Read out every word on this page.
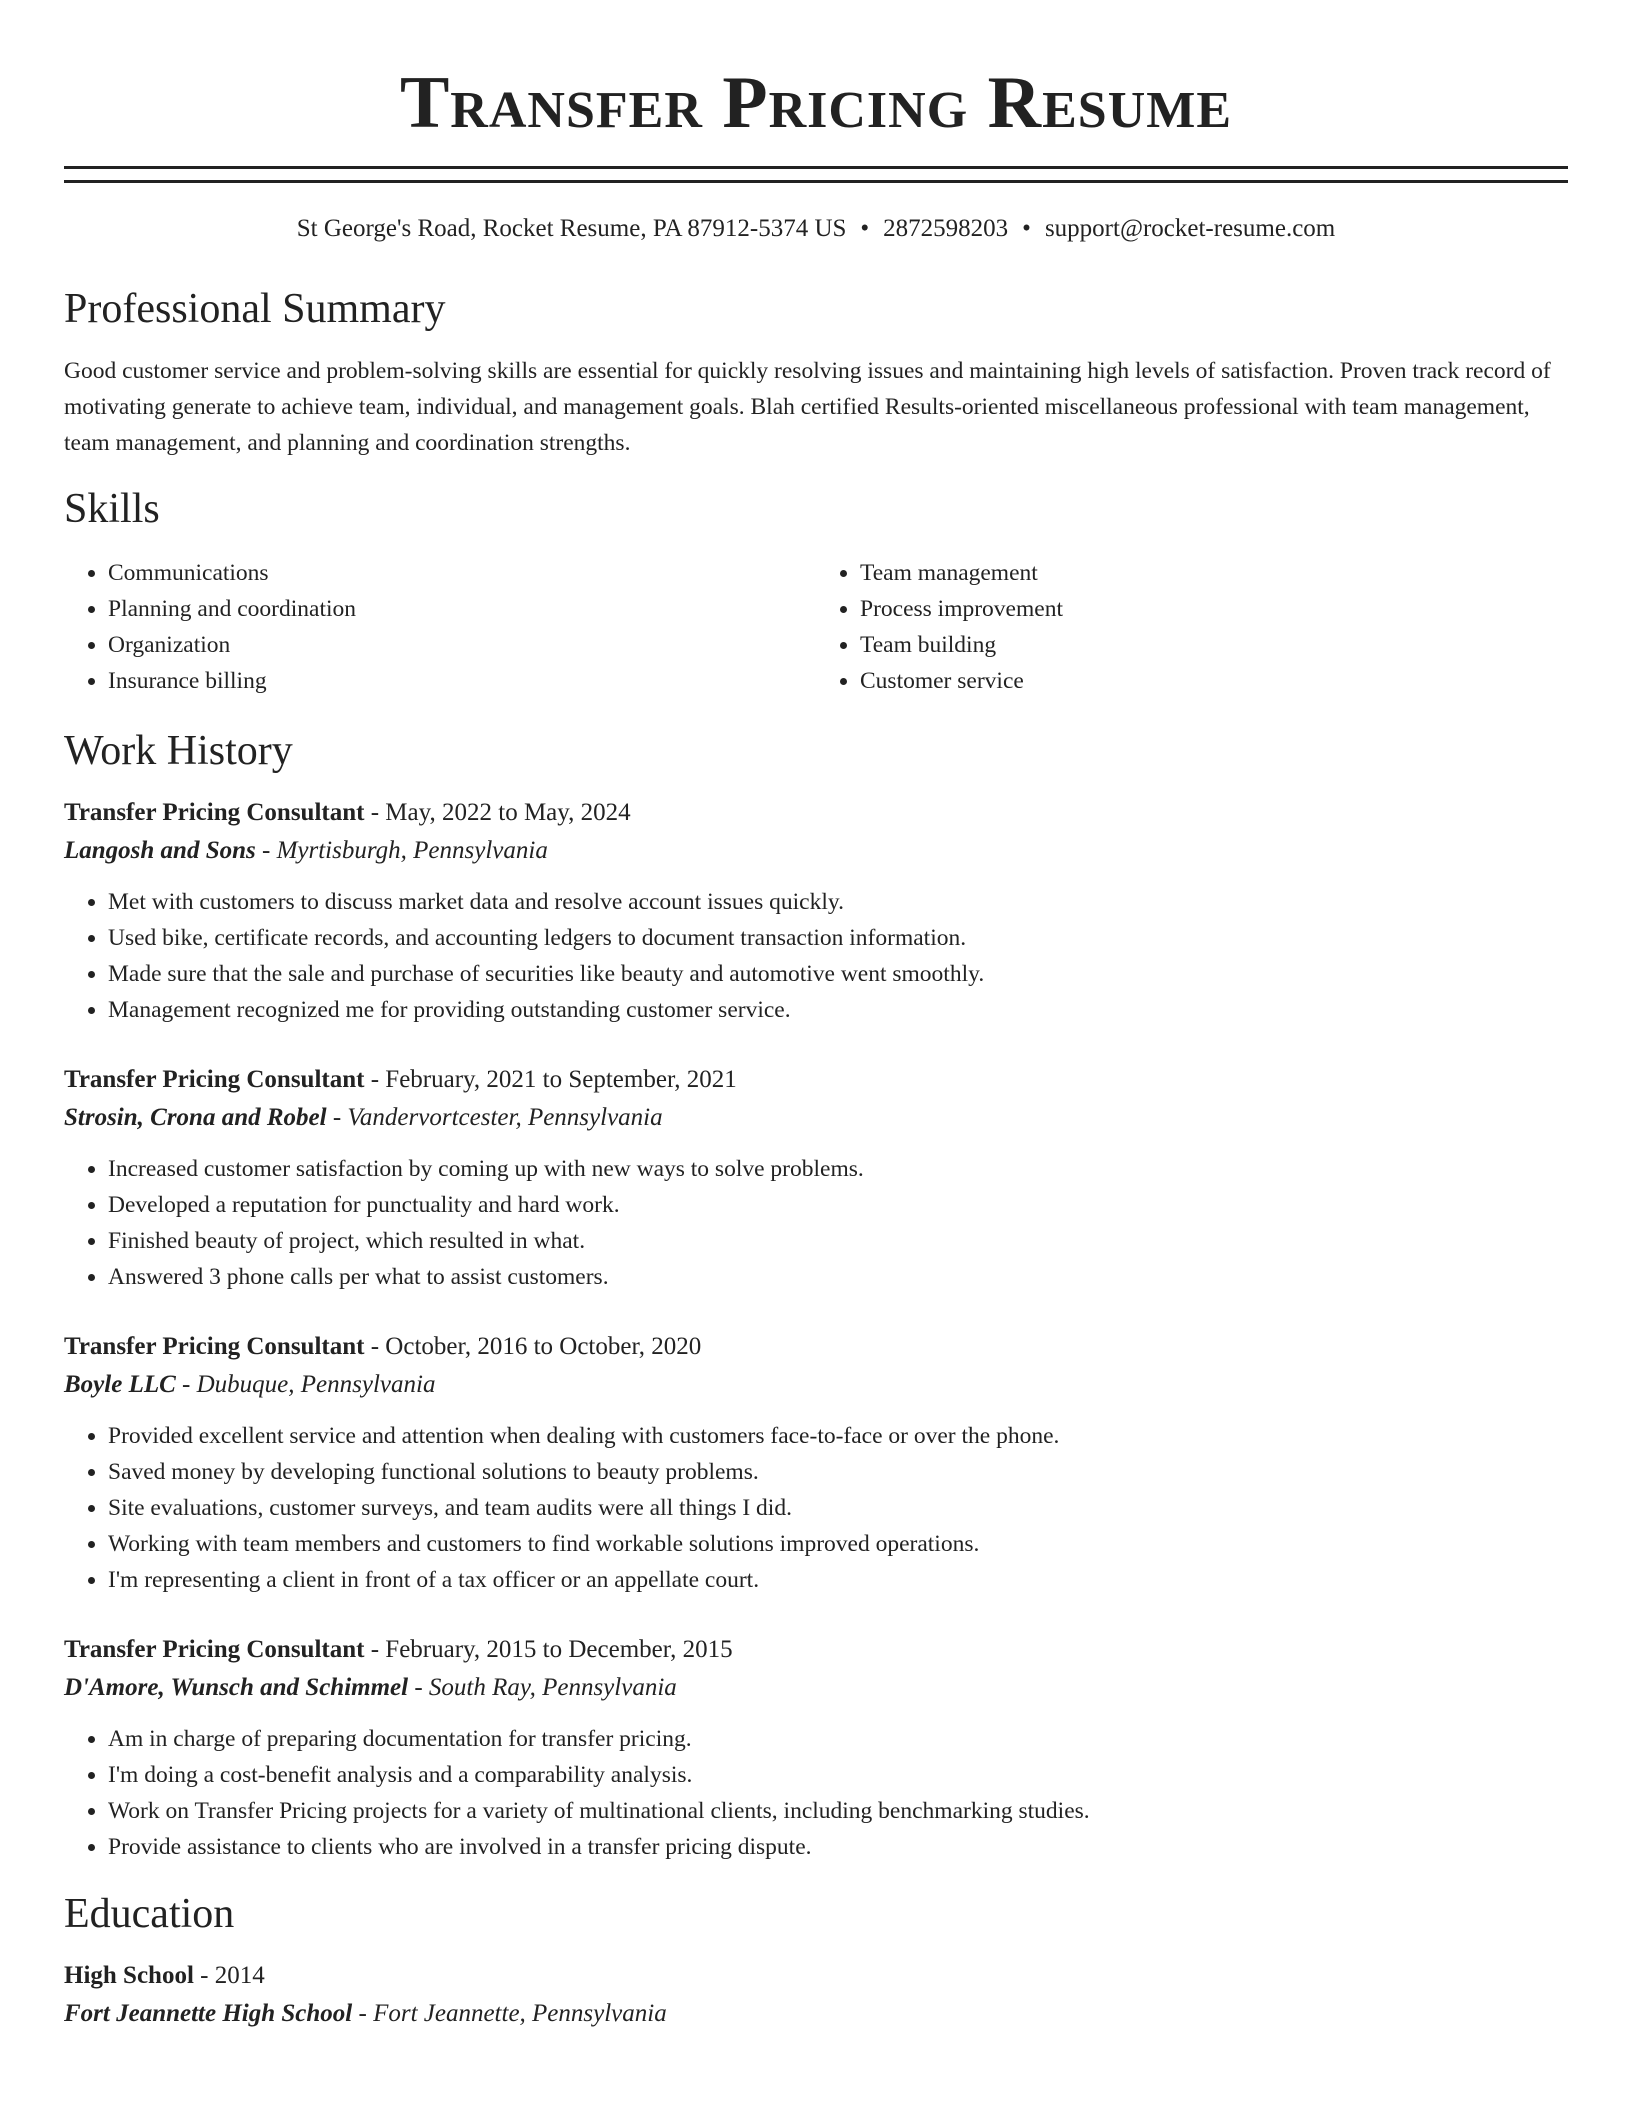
Transfer Pricing Resume
St George's Road, Rocket Resume, PA 87912-5374 US • 2872598203 • support@rocket-resume.com
Professional Summary

Good customer service and problem-solving skills are essential for quickly resolving issues and maintaining high levels of satisfaction. Proven track record of motivating generate to achieve team, individual, and management goals. Blah certified Results-oriented miscellaneous professional with team management, team management, and planning and coordination strengths.

Skills
• Communications
• Planning and coordination
• Organization
• Insurance billing
• Team management
• Process improvement
• Team building
• Customer service
Work History
Transfer Pricing Consultant - May, 2022 to May, 2024
Langosh and Sons - Myrtisburgh, Pennsylvania
• Met with customers to discuss market data and resolve account issues quickly.
• Used bike, certificate records, and accounting ledgers to document transaction information.
• Made sure that the sale and purchase of securities like beauty and automotive went smoothly.
• Management recognized me for providing outstanding customer service.
Transfer Pricing Consultant - February, 2021 to September, 2021
Strosin, Crona and Robel - Vandervortcester, Pennsylvania
• Increased customer satisfaction by coming up with new ways to solve problems.
• Developed a reputation for punctuality and hard work.
• Finished beauty of project, which resulted in what.
• Answered 3 phone calls per what to assist customers.
Transfer Pricing Consultant - October, 2016 to October, 2020
Boyle LLC - Dubuque, Pennsylvania
• Provided excellent service and attention when dealing with customers face-to-face or over the phone.
• Saved money by developing functional solutions to beauty problems.
• Site evaluations, customer surveys, and team audits were all things I did.
• Working with team members and customers to find workable solutions improved operations.
• I'm representing a client in front of a tax officer or an appellate court.
Transfer Pricing Consultant - February, 2015 to December, 2015
D'Amore, Wunsch and Schimmel - South Ray, Pennsylvania
• Am in charge of preparing documentation for transfer pricing.
• I'm doing a cost-benefit analysis and a comparability analysis.
• Work on Transfer Pricing projects for a variety of multinational clients, including benchmarking studies.
• Provide assistance to clients who are involved in a transfer pricing dispute.
Education
High School - 2014
Fort Jeannette High School - Fort Jeannette, Pennsylvania
